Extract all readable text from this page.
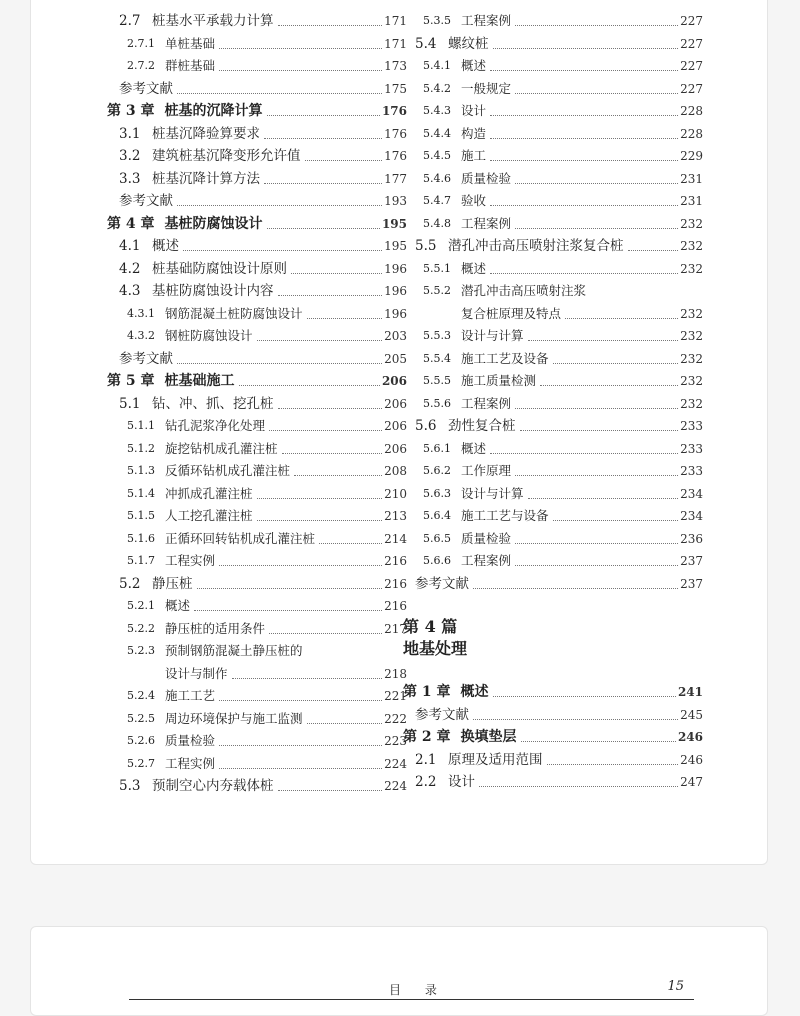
2.7 桩基水平承载力计算	171
2.7.1 单桩基础	171
2.7.2 群桩基础	173
参考文献	175
第 3 章 桩基的沉降计算	176
3.1 桩基沉降验算要求	176
3.2 建筑桩基沉降变形允许值	176
3.3 桩基沉降计算方法	177
参考文献	193
第 4 章 基桩防腐蚀设计	195
4.1 概述	195
4.2 桩基础防腐蚀设计原则	196
4.3 基桩防腐蚀设计内容	196
4.3.1 钢筋混凝土桩防腐蚀设计	196
4.3.2 钢桩防腐蚀设计	203
参考文献	205
第 5 章 桩基础施工	206
5.1 钻、冲、抓、挖孔桩	206
5.1.1 钻孔泥浆净化处理	206
5.1.2 旋挖钻机成孔灌注桩	206
5.1.3 反循环钻机成孔灌注桩	208
5.1.4 冲抓成孔灌注桩	210
5.1.5 人工挖孔灌注桩	213
5.1.6 正循环回转钻机成孔灌注桩	214
5.1.7 工程实例	216
5.2 静压桩	216
5.2.1 概述	216
5.2.2 静压桩的适用条件	217
5.2.3 预制钢筋混凝土静压桩的
设计与制作	218
5.2.4 施工工艺	221
5.2.5 周边环境保护与施工监测	222
5.2.6 质量检验	223
5.2.7 工程实例	224
5.3 预制空心内夯载体桩	224
第 4 篇
地基处理
5.3.5 工程案例	227
5.4 螺纹桩	227
5.4.1 概述	227
5.4.2 一般规定	227
5.4.3 设计	228
5.4.4 构造	228
5.4.5 施工	229
5.4.6 质量检验	231
5.4.7 验收	231
5.4.8 工程案例	232
5.5 潜孔冲击高压喷射注浆复合桩	232
5.5.1 概述	232
5.5.2 潜孔冲击高压喷射注浆
复合桩原理及特点	232
5.5.3 设计与计算	232
5.5.4 施工工艺及设备	232
5.5.5 施工质量检测	232
5.5.6 工程案例	232
5.6 劲性复合桩	233
5.6.1 概述	233
5.6.2 工作原理	233
5.6.3 设计与计算	234
5.6.4 施工工艺与设备	234
5.6.5 质量检验	236
5.6.6 工程案例	237
参考文献	237
第 1 章 概述	241
参考文献	245
第 2 章 换填垫层	246
2.1 原理及适用范围	246
2.2 设计	247
目 录	15
